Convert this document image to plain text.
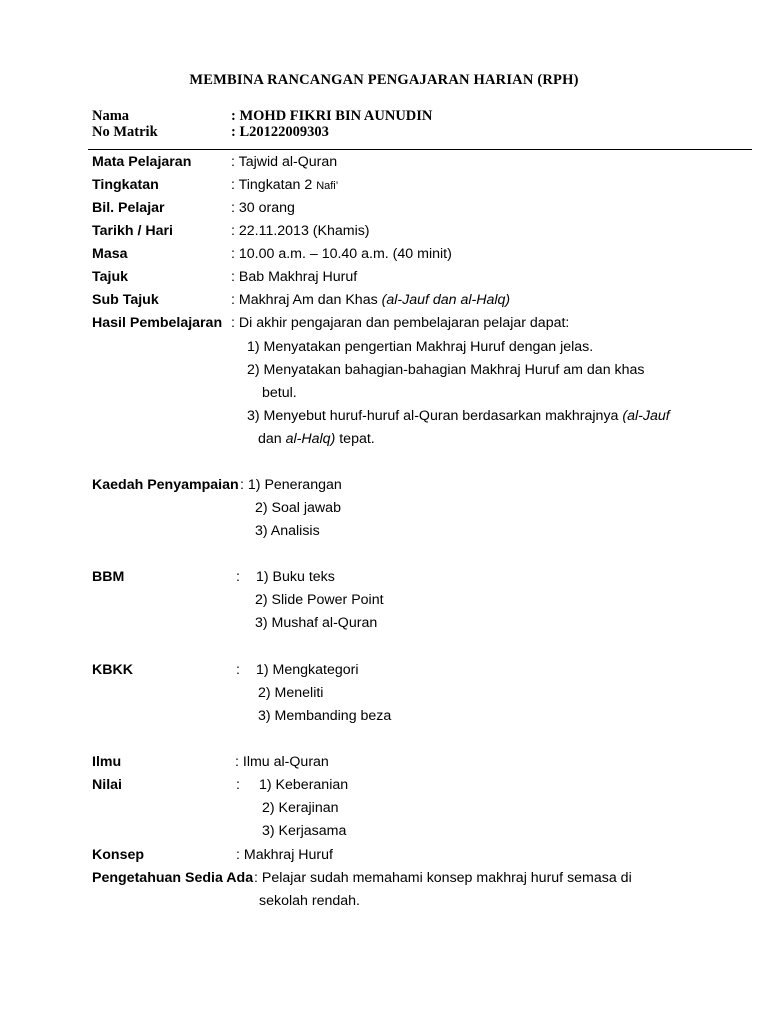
MEMBINA RANCANGAN PENGAJARAN HARIAN (RPH)
Nama	: MOHD FIKRI BIN AUNUDIN
No Matrik	: L20122009303
Mata Pelajaran	: Tajwid al-Quran
Tingkatan	: Tingkatan 2 Nafi’
Bil. Pelajar	: 30 orang
Tarikh / Hari	: 22.11.2013 (Khamis)
Masa	: 10.00 a.m. – 10.40 a.m. (40 minit)
Tajuk	: Bab Makhraj Huruf
Sub Tajuk	: Makhraj Am dan Khas (al-Jauf dan al-Halq)
Hasil Pembelajaran : Di akhir pengajaran dan pembelajaran pelajar dapat:
1) Menyatakan pengertian Makhraj Huruf dengan jelas.
2) Menyatakan bahagian-bahagian Makhraj Huruf am dan khas
betul.
3) Menyebut huruf-huruf al-Quran berdasarkan makhrajnya (al-Jauf
dan al-Halq) tepat.
Kaedah Penyampaian : 1) Penerangan
2) Soal jawab
3) Analisis
BBM	: 1) Buku teks
2) Slide Power Point
3) Mushaf al-Quran
KBKK	: 1) Mengkategori
2) Meneliti
3) Membanding beza
Ilmu	: Ilmu al-Quran
Nilai	: 1) Keberanian
2) Kerajinan
3) Kerjasama
Konsep	: Makhraj Huruf
Pengetahuan Sedia Ada : Pelajar sudah memahami konsep makhraj huruf semasa di
sekolah rendah.
